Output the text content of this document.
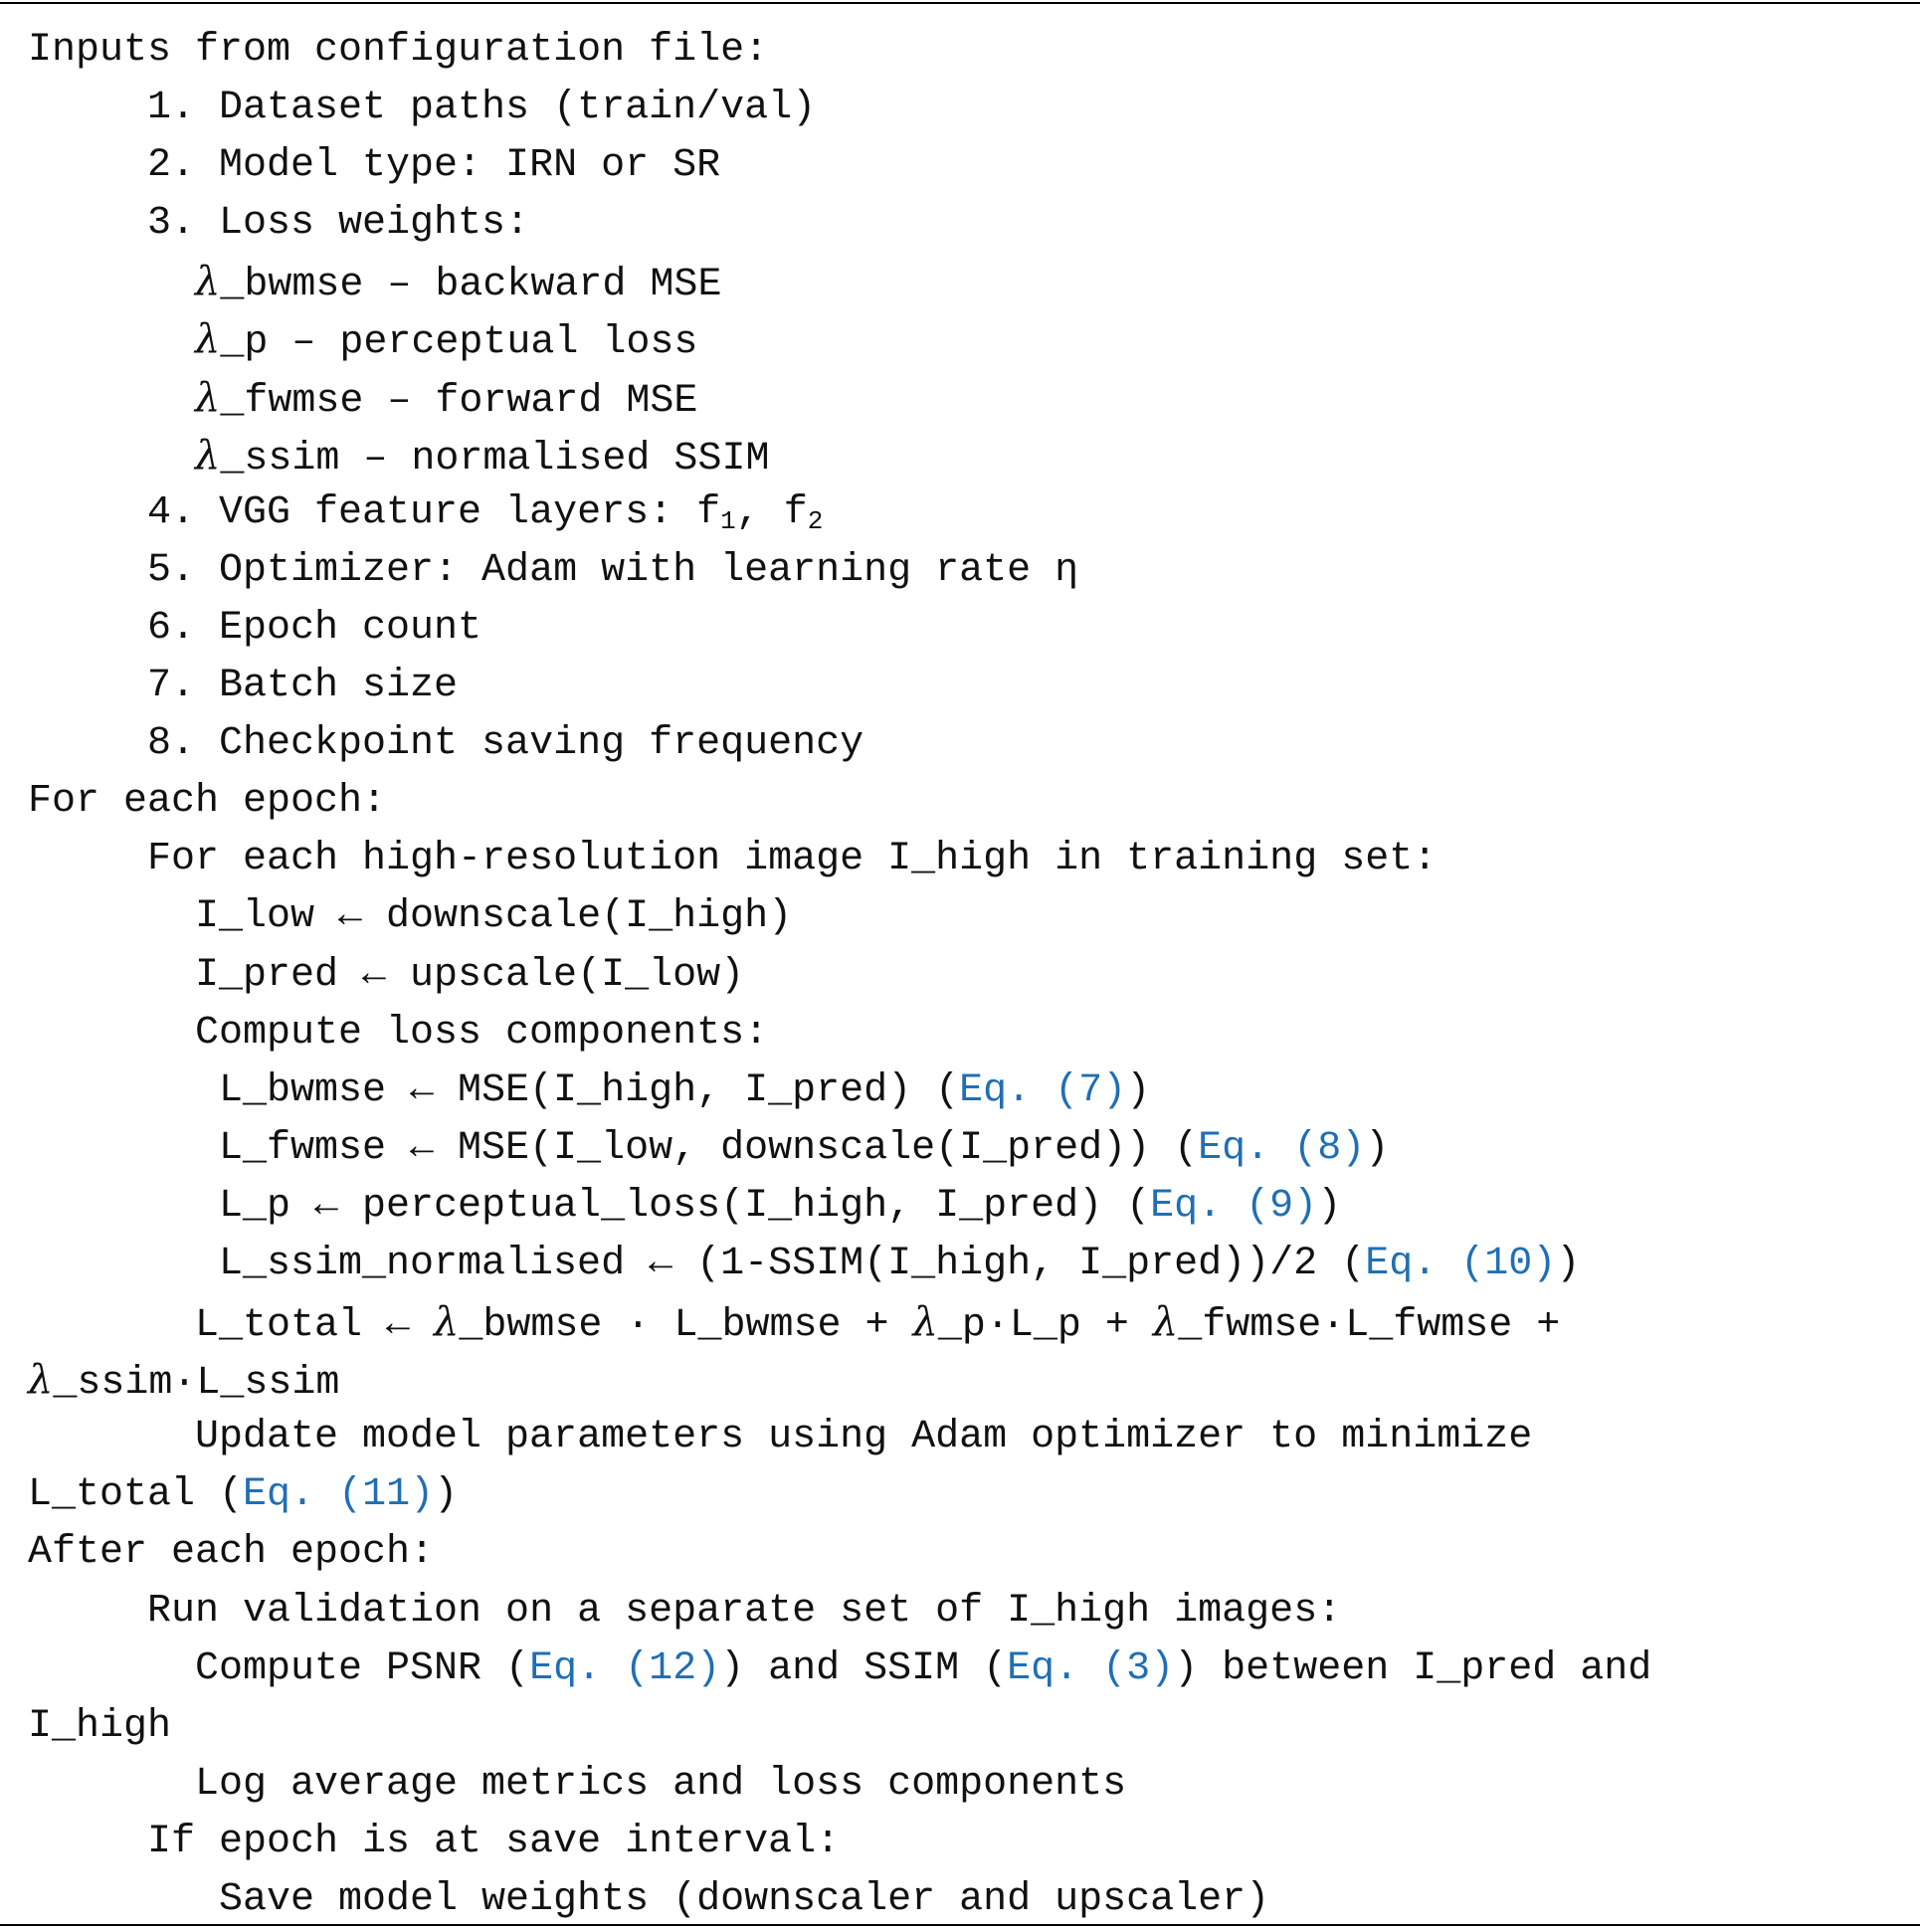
Inputs from configuration file:
1. Dataset paths (train/val)
2. Model type: IRN or SR
3. Loss weights:
λ_bwmse – backward MSE
λ_p – perceptual loss
λ_fwmse – forward MSE
λ_ssim – normalised SSIM
4. VGG feature layers: $f_1$, $f_2$
5. Optimizer: Adam with learning rate η
6. Epoch count
7. Batch size
8. Checkpoint saving frequency
For each epoch:
For each high-resolution image I_high in training set:
I_low ← downscale(I_high)
I_pred ← upscale(I_low)
Compute loss components:
L_bwmse ← MSE(I_high, I_pred) (Eq. (7))
L_fwmse ← MSE(I_low, downscale(I_pred)) (Eq. (8))
L_p ← perceptual_loss(I_high, I_pred) (Eq. (9))
L_ssim_normalised ← (1-SSIM(I_high, I_pred))/2 (Eq. (10))
L_total ← λ_bwmse · L_bwmse + λ_p·L_p + λ_fwmse·L_fwmse +
λ_ssim·L_ssim
Update model parameters using Adam optimizer to minimize
L_total (Eq. (11))
After each epoch:
Run validation on a separate set of I_high images:
Compute PSNR (Eq. (12)) and SSIM (Eq. (3)) between I_pred and
I_high
Log average metrics and loss components
If epoch is at save interval:
Save model weights (downscaler and upscaler)
